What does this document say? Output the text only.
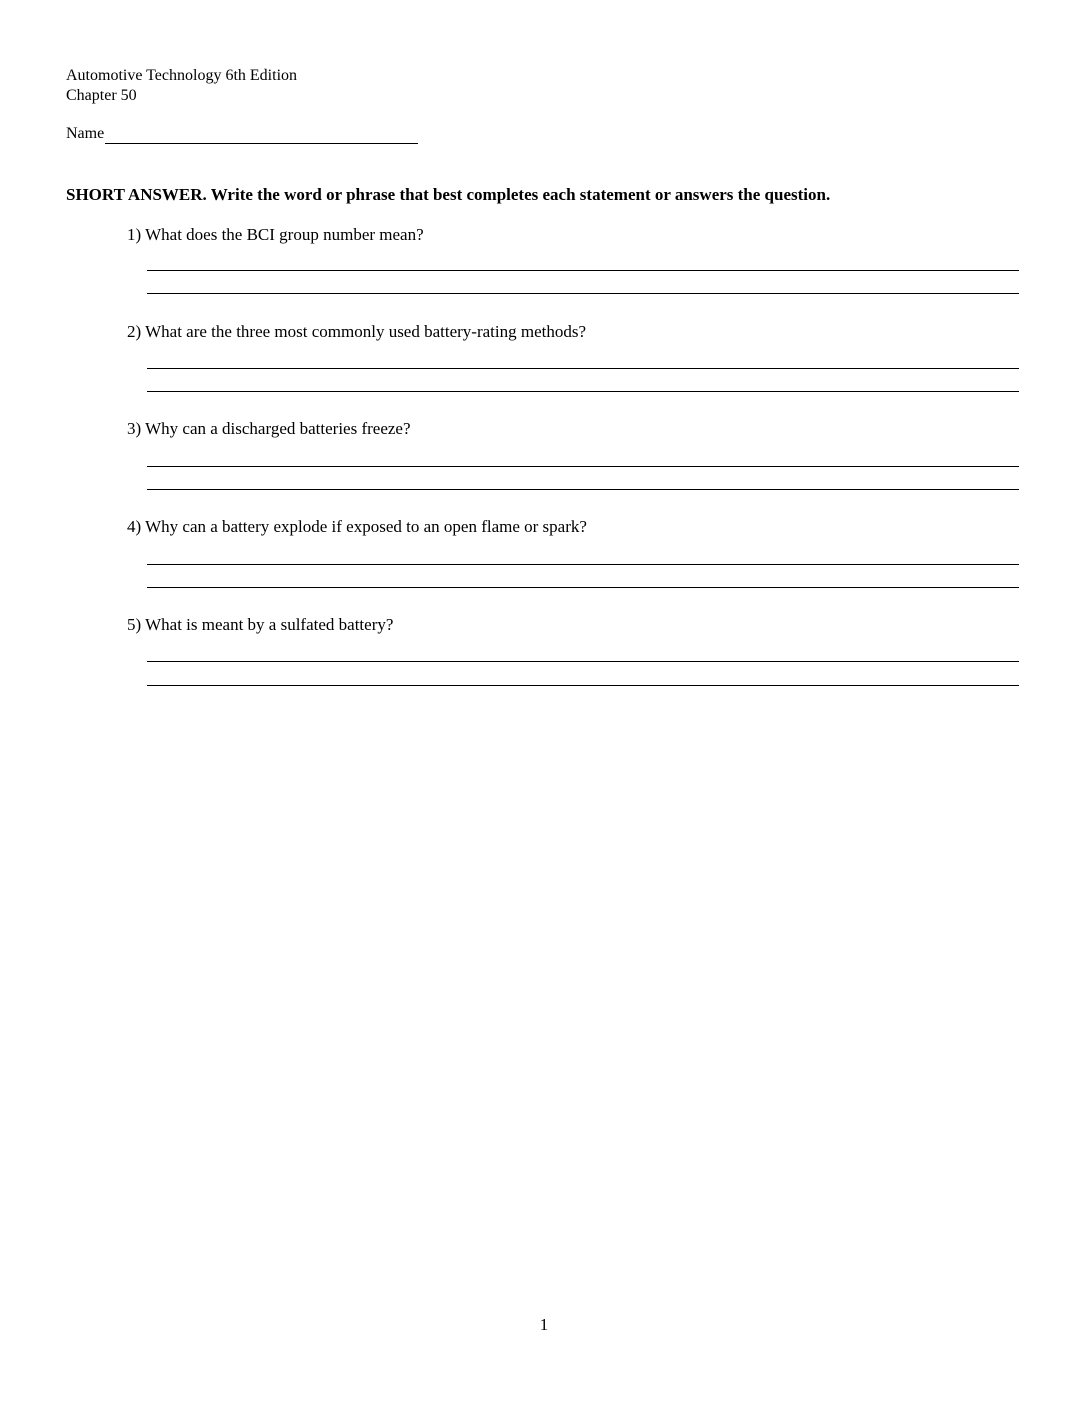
Automotive Technology 6th Edition
Chapter 50
Name
SHORT ANSWER. Write the word or phrase that best completes each statement or answers the question.
1) What does the BCI group number mean?
2) What are the three most commonly used battery-rating methods?
3) Why can a discharged batteries freeze?
4) Why can a battery explode if exposed to an open flame or spark?
5) What is meant by a sulfated battery?
1
